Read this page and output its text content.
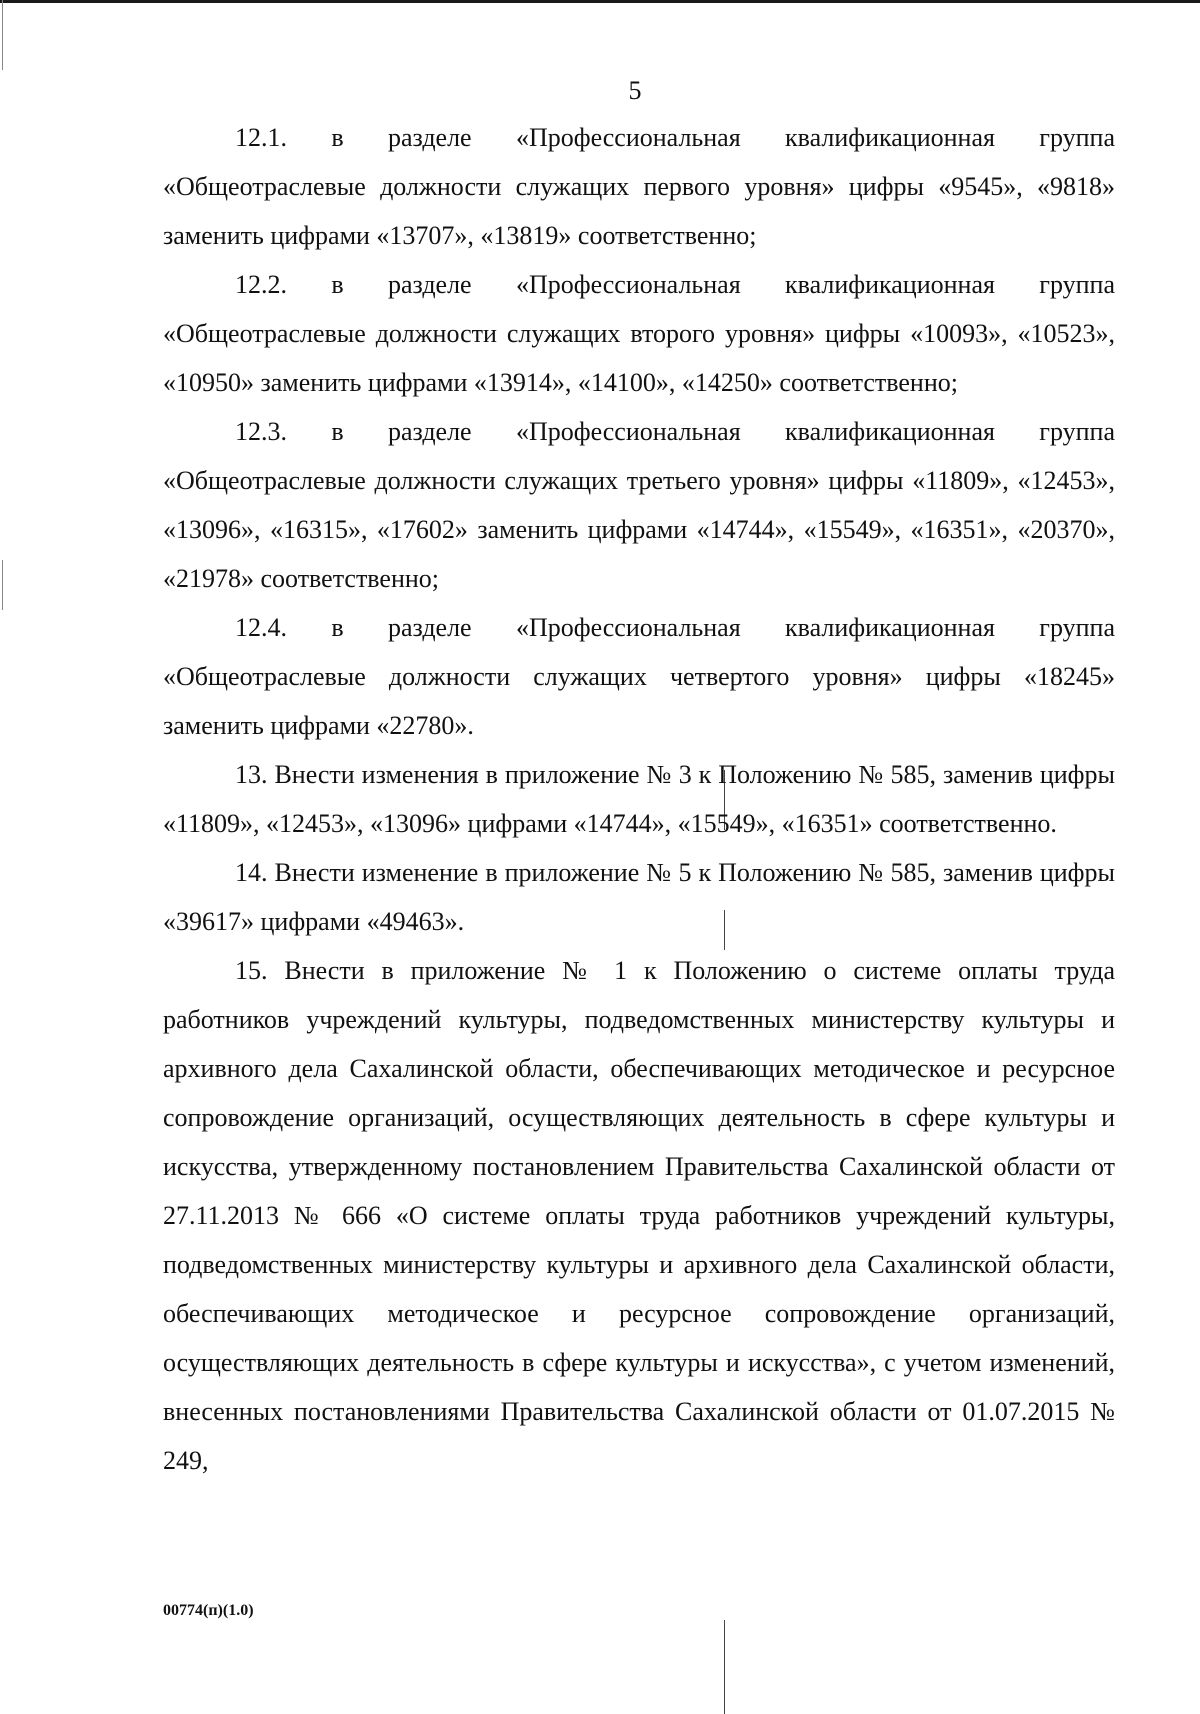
5

12.1. в разделе «Профессиональная квалификационная группа «Общеотраслевые должности служащих первого уровня» цифры «9545», «9818» заменить цифрами «13707», «13819» соответственно;

12.2. в разделе «Профессиональная квалификационная группа «Общеотраслевые должности служащих второго уровня» цифры «10093», «10523», «10950» заменить цифрами «13914», «14100», «14250» соответственно;

12.3. в разделе «Профессиональная квалификационная группа «Общеотраслевые должности служащих третьего уровня» цифры «11809», «12453», «13096», «16315», «17602» заменить цифрами «14744», «15549», «16351», «20370», «21978» соответственно;

12.4. в разделе «Профессиональная квалификационная группа «Общеотраслевые должности служащих четвертого уровня» цифры «18245» заменить цифрами «22780».

13. Внести изменения в приложение № 3 к Положению № 585, заменив цифры «11809», «12453», «13096» цифрами «14744», «15549», «16351» соответственно.

14. Внести изменение в приложение № 5 к Положению № 585, заменив цифры «39617» цифрами «49463».

15. Внести в приложение № 1 к Положению о системе оплаты труда работников учреждений культуры, подведомственных министерству культуры и архивного дела Сахалинской области, обеспечивающих методическое и ресурсное сопровождение организаций, осуществляющих деятельность в сфере культуры и искусства, утвержденному постановлением Правительства Сахалинской области от 27.11.2013 № 666 «О системе оплаты труда работников учреждений культуры, подведомственных министерству культуры и архивного дела Сахалинской области, обеспечивающих методическое и ресурсное сопровождение организаций, осуществляющих деятельность в сфере культуры и искусства», с учетом изменений, внесенных постановлениями Правительства Сахалинской области от 01.07.2015 № 249,

00774(п)(1.0)
